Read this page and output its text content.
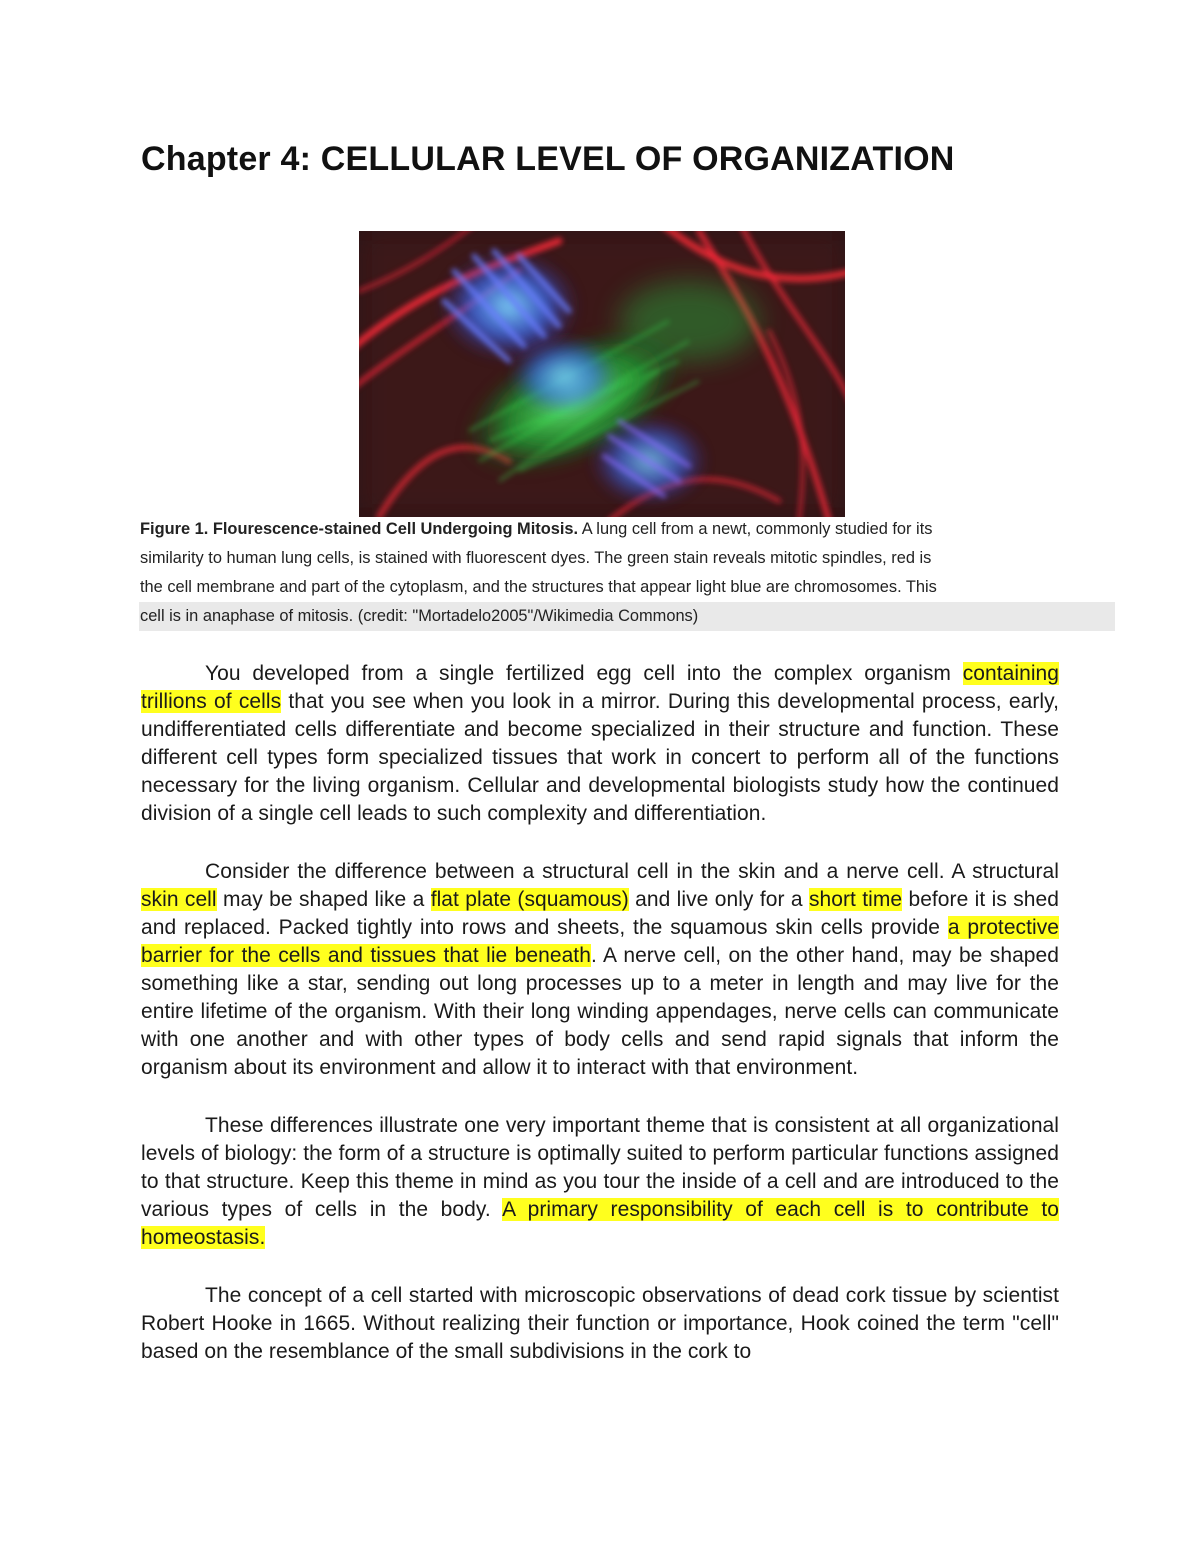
Chapter 4: CELLULAR LEVEL OF ORGANIZATION
Figure 1. Flourescence-stained Cell Undergoing Mitosis. A lung cell from a newt, commonly studied for its
similarity to human lung cells, is stained with fluorescent dyes. The green stain reveals mitotic spindles, red is
the cell membrane and part of the cytoplasm, and the structures that appear light blue are chromosomes. This
cell is in anaphase of mitosis. (credit: "Mortadelo2005"/Wikimedia Commons)

You developed from a single fertilized egg cell into the complex organism containing trillions of cells that you see when you look in a mirror. During this developmental process, early, undifferentiated cells differentiate and become specialized in their structure and function. These different cell types form specialized tissues that work in concert to perform all of the functions necessary for the living organism. Cellular and developmental biologists study how the continued division of a single cell leads to such complexity and differentiation.

Consider the difference between a structural cell in the skin and a nerve cell. A structural skin cell may be shaped like a flat plate (squamous) and live only for a short time before it is shed and replaced. Packed tightly into rows and sheets, the squamous skin cells provide a protective barrier for the cells and tissues that lie beneath. A nerve cell, on the other hand, may be shaped something like a star, sending out long processes up to a meter in length and may live for the entire lifetime of the organism. With their long winding appendages, nerve cells can communicate with one another and with other types of body cells and send rapid signals that inform the organism about its environment and allow it to interact with that environment.

These differences illustrate one very important theme that is consistent at all organizational levels of biology: the form of a structure is optimally suited to perform particular functions assigned to that structure. Keep this theme in mind as you tour the inside of a cell and are introduced to the various types of cells in the body. A primary responsibility of each cell is to contribute to homeostasis.

The concept of a cell started with microscopic observations of dead cork tissue by scientist Robert Hooke in 1665. Without realizing their function or importance, Hook coined the term "cell" based on the resemblance of the small subdivisions in the cork to
